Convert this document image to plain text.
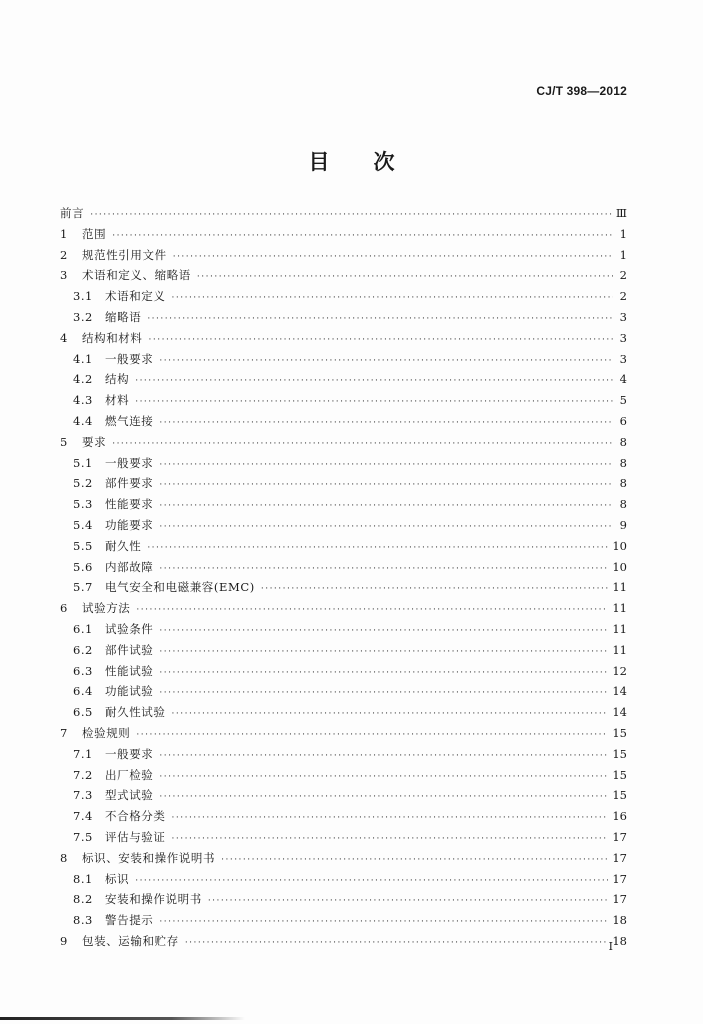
CJ/T 398—2012
目 次
前言 ·····	Ⅲ
1	范围 ·····	1
2	规范性引用文件 ·····	1
3	术语和定义、缩略语 ·····	2
3.1	术语和定义 ·····	2
3.2	缩略语 ·····	3
4	结构和材料 ·····	3
4.1	一般要求 ·····	3
4.2	结构 ·····	4
4.3	材料 ·····	5
4.4	燃气连接 ·····	6
5	要求 ·····	8
5.1	一般要求 ·····	8
5.2	部件要求 ·····	8
5.3	性能要求 ·····	8
5.4	功能要求 ·····	9
5.5	耐久性 ·····	10
5.6	内部故障 ·····	10
5.7	电气安全和电磁兼容(EMC) ·····	11
6	试验方法 ·····	11
6.1	试验条件 ·····	11
6.2	部件试验 ·····	11
6.3	性能试验 ·····	12
6.4	功能试验 ·····	14
6.5	耐久性试验 ·····	14
7	检验规则 ·····	15
7.1	一般要求 ·····	15
7.2	出厂检验 ·····	15
7.3	型式试验 ·····	15
7.4	不合格分类 ·····	16
7.5	评估与验证 ·····	17
8	标识、安装和操作说明书 ·····	17
8.1	标识 ·····	17
8.2	安装和操作说明书 ·····	17
8.3	警告提示 ·····	18
9	包装、运输和贮存 ·····	18
I
